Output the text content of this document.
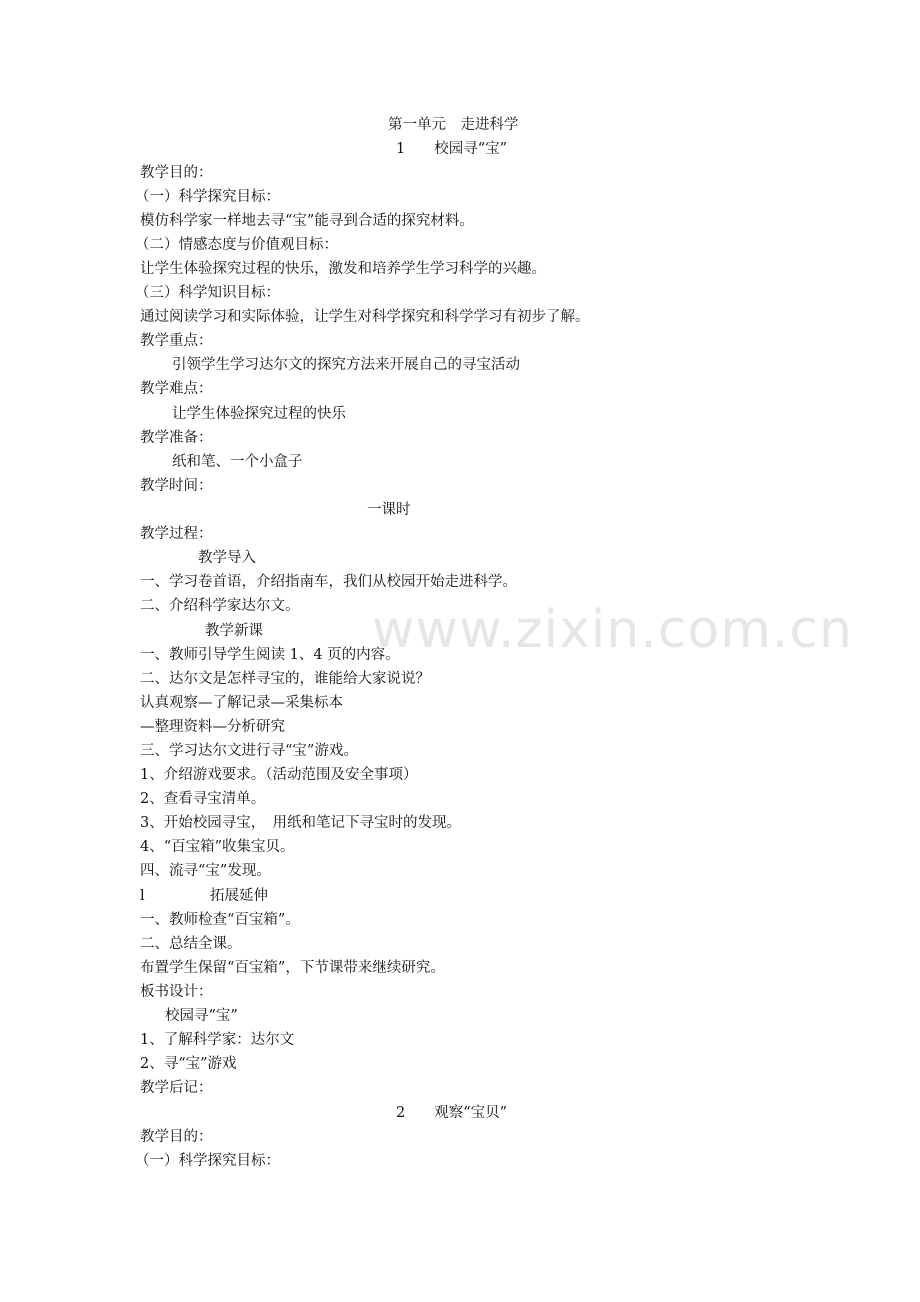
www.zixin.com.cn
第一单元　走进科学
1　　校园寻“宝”
教学目的：
（一）科学探究目标：
模仿科学家一样地去寻“宝”能寻到合适的探究材料。
（二）情感态度与价值观目标：
让学生体验探究过程的快乐，激发和培养学生学习科学的兴趣。
（三）科学知识目标：
通过阅读学习和实际体验，让学生对科学探究和科学学习有初步了解。
教学重点：
引领学生学习达尔文的探究方法来开展自己的寻宝活动
教学难点：
让学生体验探究过程的快乐
教学准备：
纸和笔、一个小盒子
教学时间：
一课时
教学过程：
教学导入
一、学习卷首语，介绍指南车，我们从校园开始走进科学。
二、介绍科学家达尔文。
教学新课
一、教师引导学生阅读 1、4 页的内容。
二、达尔文是怎样寻宝的，谁能给大家说说？
认真观察—了解记录—采集标本
—整理资料—分析研究
三、学习达尔文进行寻“宝”游戏。
1、介绍游戏要求。（活动范围及安全事项）
2、查看寻宝清单。
3、开始校园寻宝，　用纸和笔记下寻宝时的发现。
4、“百宝箱”收集宝贝。
四、流寻“宝”发现。
l	拓展延伸
一、教师检查“百宝箱”。
二、总结全课。
布置学生保留“百宝箱”，下节课带来继续研究。
板书设计：
校园寻“宝”
1、了解科学家：达尔文
2、寻“宝”游戏
教学后记：
2　　观察“宝贝”
教学目的：
（一）科学探究目标：
